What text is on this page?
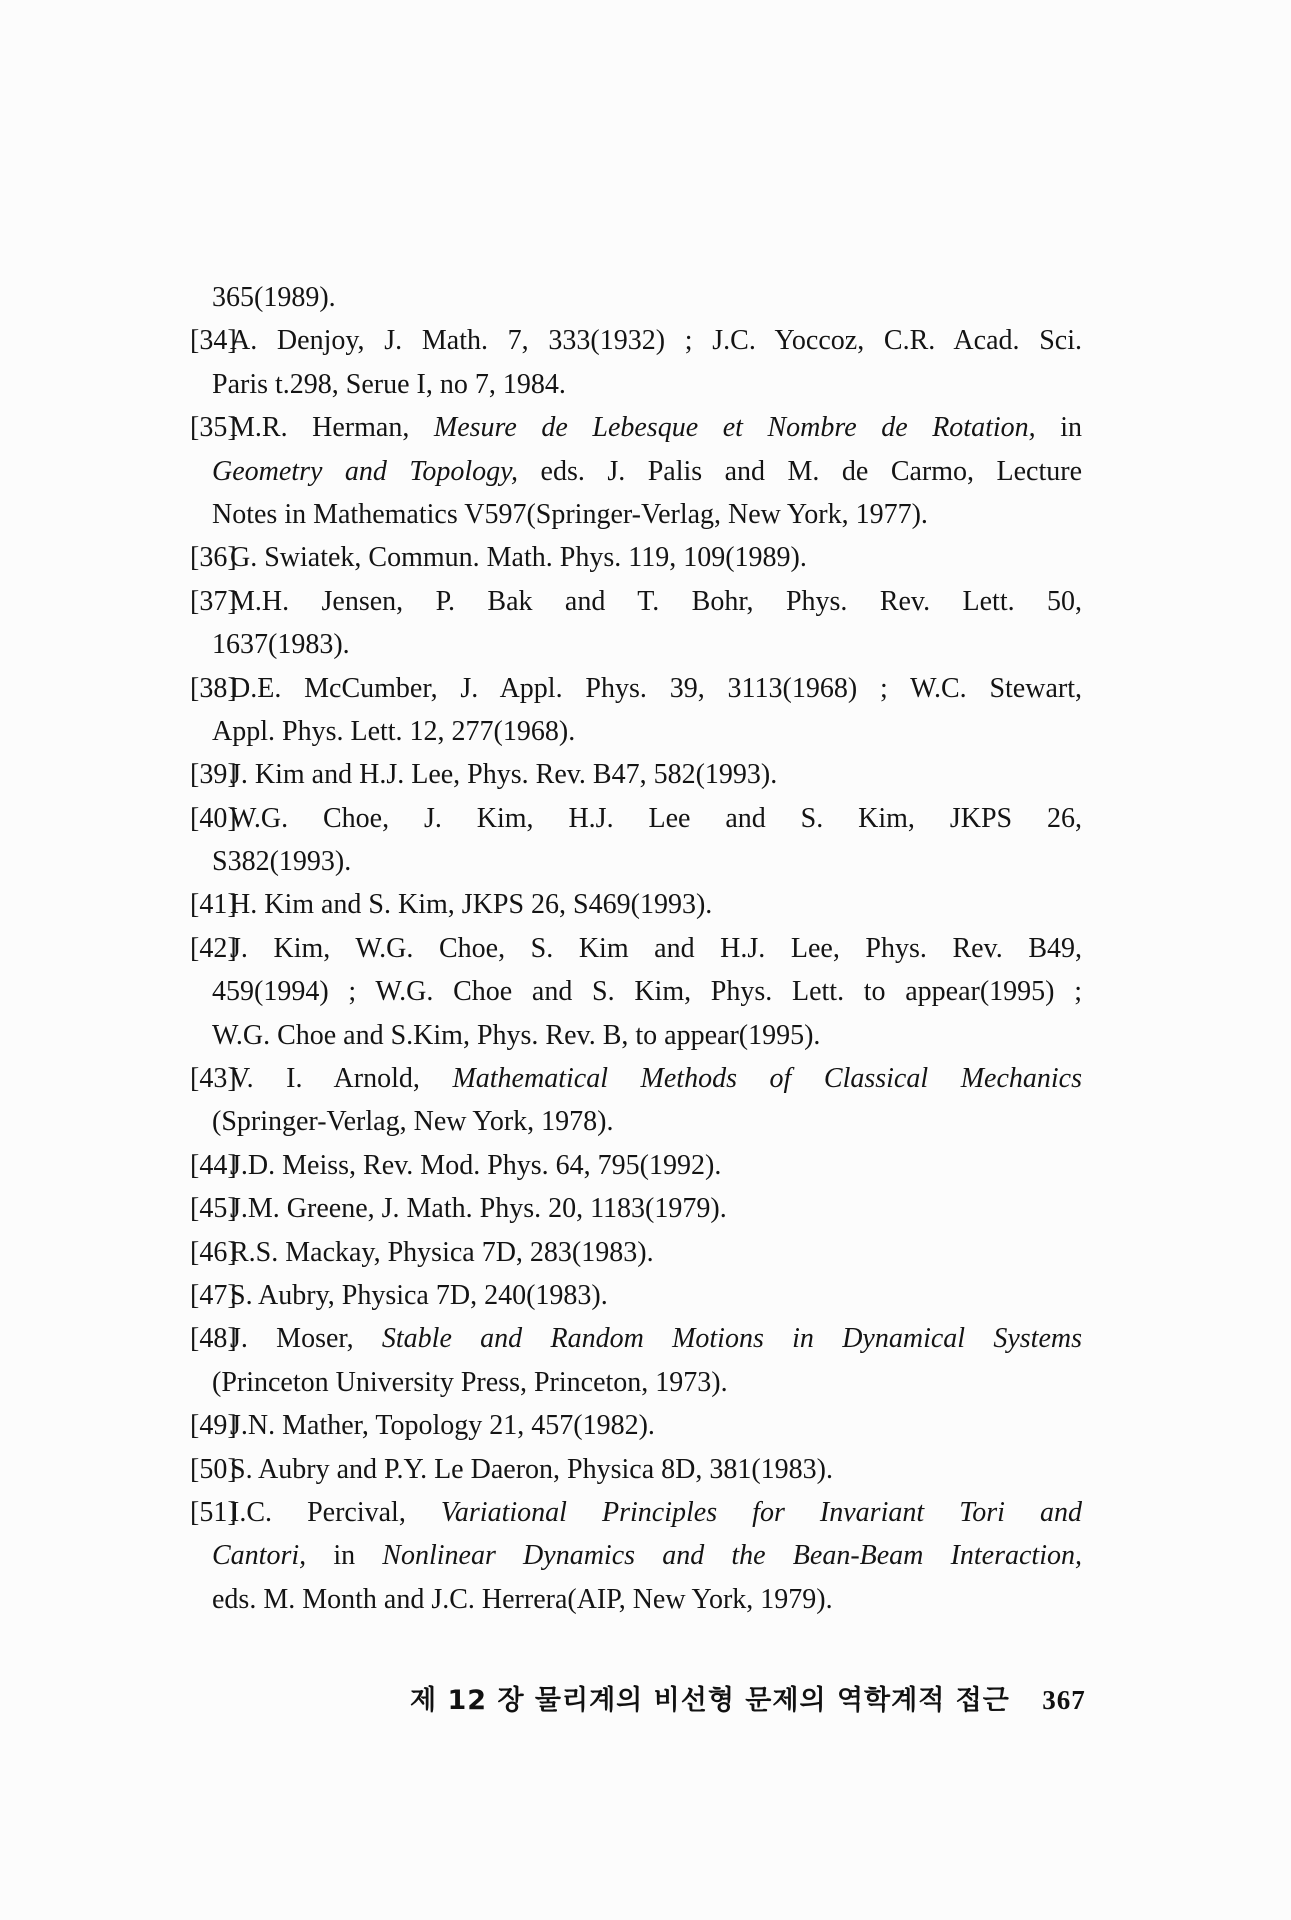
365(1989).
[34]
A. Denjoy, J. Math. 7, 333(1932) ; J.C. Yoccoz, C.R. Acad. Sci.
Paris t.298, Serue I, no 7, 1984.
[35]
M.R. Herman, Mesure de Lebesque et Nombre de Rotation, in
Geometry and Topology, eds. J. Palis and M. de Carmo, Lecture
Notes in Mathematics V597(Springer-Verlag, New York, 1977).
[36]
G. Swiatek, Commun. Math. Phys. 119, 109(1989).
[37]
M.H. Jensen, P. Bak and T. Bohr, Phys. Rev. Lett. 50,
1637(1983).
[38]
D.E. McCumber, J. Appl. Phys. 39, 3113(1968) ; W.C. Stewart,
Appl. Phys. Lett. 12, 277(1968).
[39]
J. Kim and H.J. Lee, Phys. Rev. B47, 582(1993).
[40]
W.G. Choe, J. Kim, H.J. Lee and S. Kim, JKPS 26,
S382(1993).
[41]
H. Kim and S. Kim, JKPS 26, S469(1993).
[42]
J. Kim, W.G. Choe, S. Kim and H.J. Lee, Phys. Rev. B49,
459(1994) ; W.G. Choe and S. Kim, Phys. Lett. to appear(1995) ;
W.G. Choe and S.Kim, Phys. Rev. B, to appear(1995).
[43]
V. I. Arnold, Mathematical Methods of Classical Mechanics
(Springer-Verlag, New York, 1978).
[44]
J.D. Meiss, Rev. Mod. Phys. 64, 795(1992).
[45]
J.M. Greene, J. Math. Phys. 20, 1183(1979).
[46]
R.S. Mackay, Physica 7D, 283(1983).
[47]
S. Aubry, Physica 7D, 240(1983).
[48]
J. Moser, Stable and Random Motions in Dynamical Systems
(Princeton University Press, Princeton, 1973).
[49]
J.N. Mather, Topology 21, 457(1982).
[50]
S. Aubry and P.Y. Le Daeron, Physica 8D, 381(1983).
[51]
I.C. Percival, Variational Principles for Invariant Tori and
Cantori, in Nonlinear Dynamics and the Bean-Beam Interaction,
eds. M. Month and J.C. Herrera(AIP, New York, 1979).
제 12 장 물리계의 비선형 문제의 역학계적 접근 367
